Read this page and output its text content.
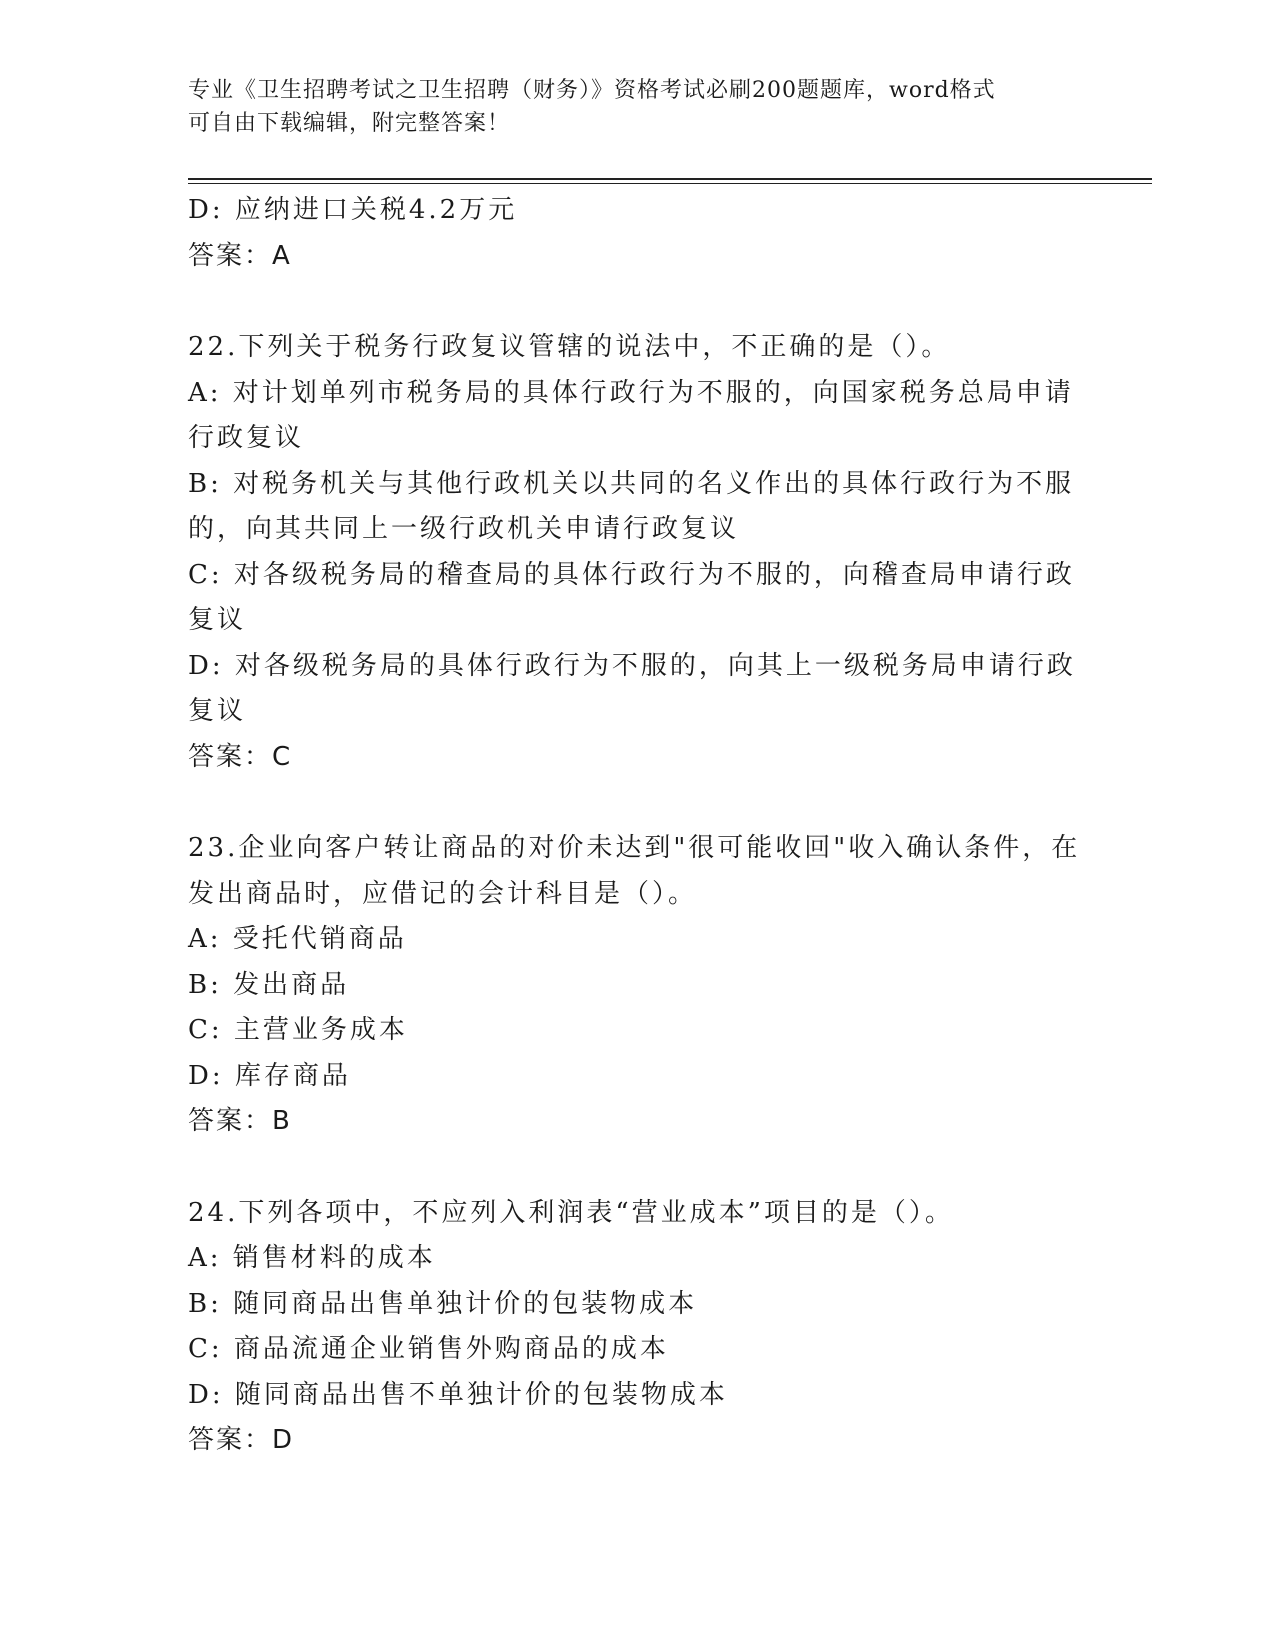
专业《卫生招聘考试之卫生招聘（财务）》资格考试必刷200题题库，word格式
可自由下载编辑，附完整答案！
D: 应纳进口关税4.2万元
答案：A
22.下列关于税务行政复议管辖的说法中，不正确的是（）。
A: 对计划单列市税务局的具体行政行为不服的，向国家税务总局申请
行政复议
B: 对税务机关与其他行政机关以共同的名义作出的具体行政行为不服
的，向其共同上一级行政机关申请行政复议
C: 对各级税务局的稽查局的具体行政行为不服的，向稽查局申请行政
复议
D: 对各级税务局的具体行政行为不服的，向其上一级税务局申请行政
复议
答案：C
23.企业向客户转让商品的对价未达到"很可能收回"收入确认条件，在
发出商品时，应借记的会计科目是（）。
A: 受托代销商品
B: 发出商品
C: 主营业务成本
D: 库存商品
答案：B
24.下列各项中，不应列入利润表“营业成本”项目的是（）。
A: 销售材料的成本
B: 随同商品出售单独计价的包装物成本
C: 商品流通企业销售外购商品的成本
D: 随同商品出售不单独计价的包装物成本
答案：D
